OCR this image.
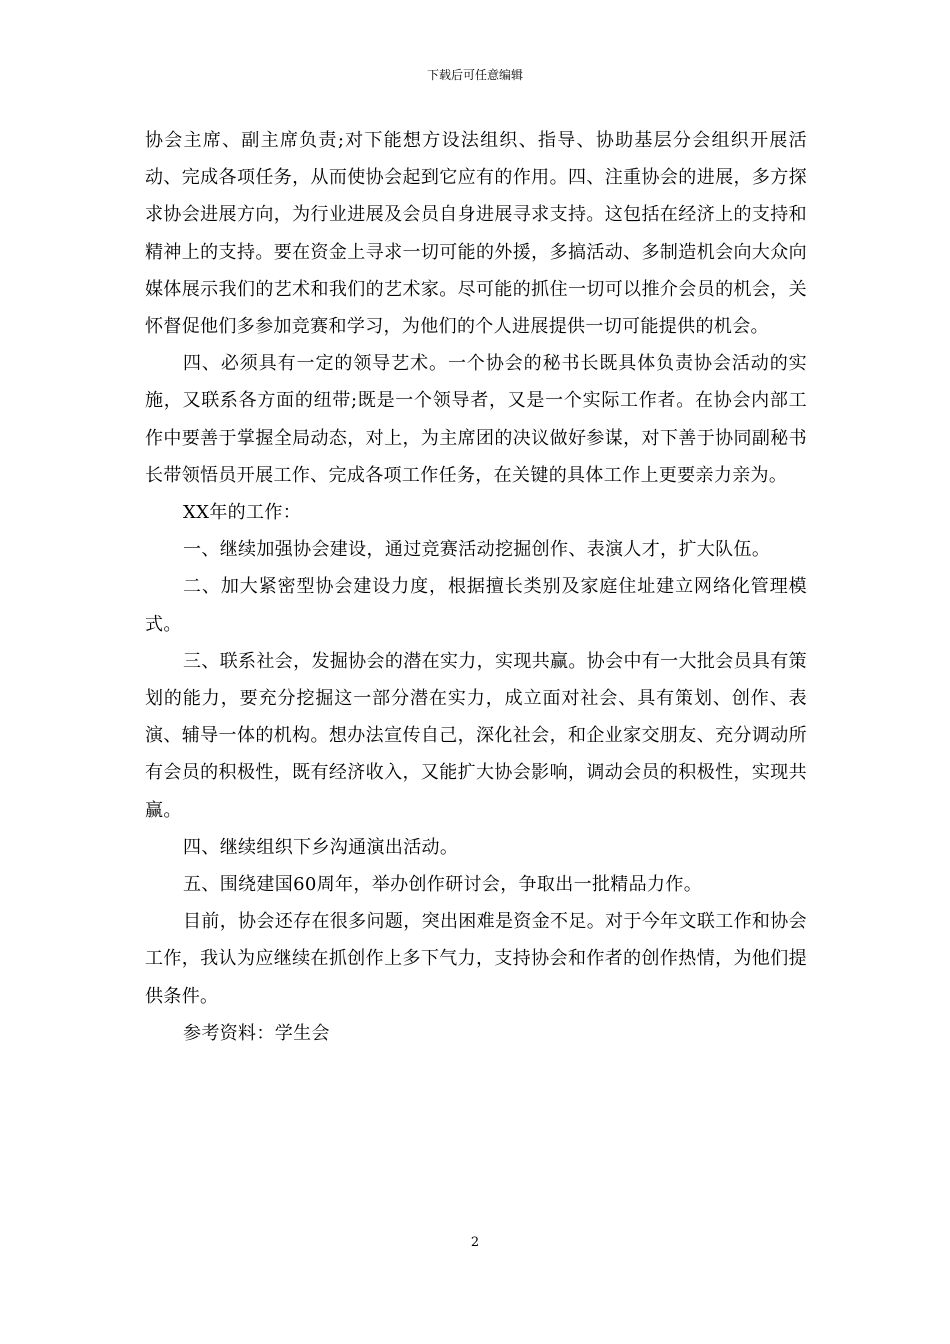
下载后可任意编辑

协会主席、副主席负责;对下能想方设法组织、指导、协助基层分会组织开展活动、完成各项任务，从而使协会起到它应有的作用。四、注重协会的进展，多方探求协会进展方向，为行业进展及会员自身进展寻求支持。这包括在经济上的支持和精神上的支持。要在资金上寻求一切可能的外援，多搞活动、多制造机会向大众向媒体展示我们的艺术和我们的艺术家。尽可能的抓住一切可以推介会员的机会，关怀督促他们多参加竞赛和学习，为他们的个人进展提供一切可能提供的机会。

四、必须具有一定的领导艺术。一个协会的秘书长既具体负责协会活动的实施，又联系各方面的纽带;既是一个领导者，又是一个实际工作者。在协会内部工作中要善于掌握全局动态，对上，为主席团的决议做好参谋，对下善于协同副秘书长带领悟员开展工作、完成各项工作任务，在关键的具体工作上更要亲力亲为。

XX年的工作：

一、继续加强协会建设，通过竞赛活动挖掘创作、表演人才，扩大队伍。

二、加大紧密型协会建设力度，根据擅长类别及家庭住址建立网络化管理模式。

三、联系社会，发掘协会的潜在实力，实现共赢。协会中有一大批会员具有策划的能力，要充分挖掘这一部分潜在实力，成立面对社会、具有策划、创作、表演、辅导一体的机构。想办法宣传自己，深化社会，和企业家交朋友、充分调动所有会员的积极性，既有经济收入，又能扩大协会影响，调动会员的积极性，实现共赢。

四、继续组织下乡沟通演出活动。

五、围绕建国60周年，举办创作研讨会，争取出一批精品力作。

目前，协会还存在很多问题，突出困难是资金不足。对于今年文联工作和协会工作，我认为应继续在抓创作上多下气力，支持协会和作者的创作热情，为他们提供条件。

参考资料：学生会

2
